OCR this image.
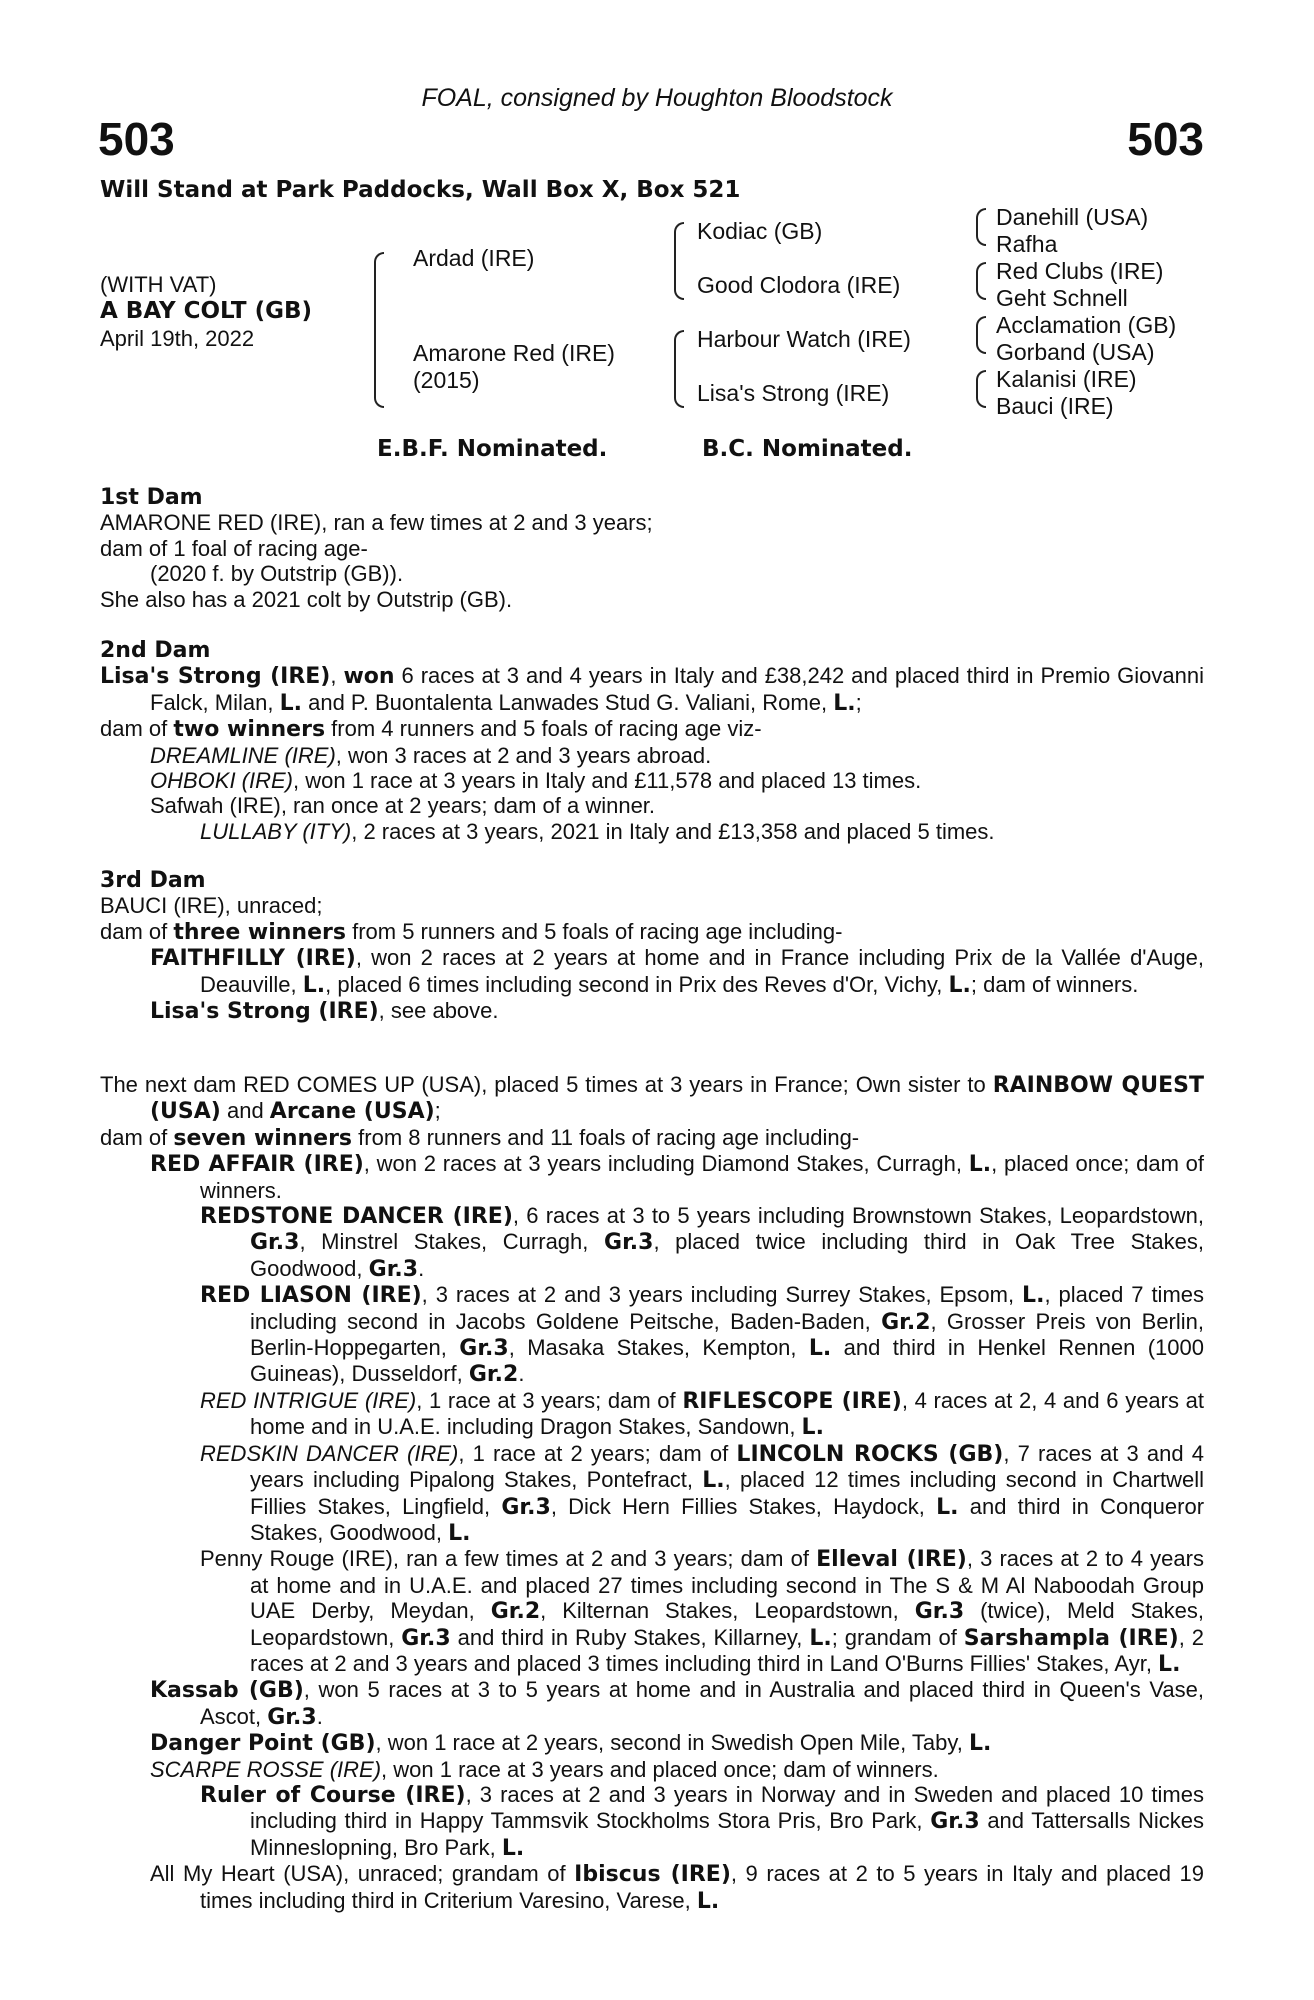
FOAL, consigned by Houghton Bloodstock
503	503
Will Stand at Park Paddocks, Wall Box X, Box 521
(WITH VAT)
A BAY COLT (GB)
April 19th, 2022
Ardad (IRE)
Amarone Red (IRE)
(2015)
Kodiac (GB)
Good Clodora (IRE)
Harbour Watch (IRE)
Lisa's Strong (IRE)
Danehill (USA)
Rafha
Red Clubs (IRE)
Geht Schnell
Acclamation (GB)
Gorband (USA)
Kalanisi (IRE)
Bauci (IRE)
E.B.F. Nominated.	B.C. Nominated.

1st Dam

AMARONE RED (IRE), ran a few times at 2 and 3 years;

dam of 1 foal of racing age-

(2020 f. by Outstrip (GB)).

She also has a 2021 colt by Outstrip (GB).

2nd Dam

Lisa's Strong (IRE), won 6 races at 3 and 4 years in Italy and £38,242 and placed third in Premio Giovanni Falck, Milan, L. and P. Buontalenta Lanwades Stud G. Valiani, Rome, L.;

dam of two winners from 4 runners and 5 foals of racing age viz-

DREAMLINE (IRE), won 3 races at 2 and 3 years abroad.

OHBOKI (IRE), won 1 race at 3 years in Italy and £11,578 and placed 13 times.

Safwah (IRE), ran once at 2 years; dam of a winner.

LULLABY (ITY), 2 races at 3 years, 2021 in Italy and £13,358 and placed 5 times.

3rd Dam

BAUCI (IRE), unraced;

dam of three winners from 5 runners and 5 foals of racing age including-

FAITHFILLY (IRE), won 2 races at 2 years at home and in France including Prix de la Vallée d'Auge, Deauville, L., placed 6 times including second in Prix des Reves d'Or, Vichy, L.; dam of winners.

Lisa's Strong (IRE), see above.

The next dam RED COMES UP (USA), placed 5 times at 3 years in France; Own sister to RAINBOW QUEST (USA) and Arcane (USA);

dam of seven winners from 8 runners and 11 foals of racing age including-

RED AFFAIR (IRE), won 2 races at 3 years including Diamond Stakes, Curragh, L., placed once; dam of winners.

REDSTONE DANCER (IRE), 6 races at 3 to 5 years including Brownstown Stakes, Leopardstown, Gr.3, Minstrel Stakes, Curragh, Gr.3, placed twice including third in Oak Tree Stakes, Goodwood, Gr.3.

RED LIASON (IRE), 3 races at 2 and 3 years including Surrey Stakes, Epsom, L., placed 7 times including second in Jacobs Goldene Peitsche, Baden-Baden, Gr.2, Grosser Preis von Berlin, Berlin-Hoppegarten, Gr.3, Masaka Stakes, Kempton, L. and third in Henkel Rennen (1000 Guineas), Dusseldorf, Gr.2.

RED INTRIGUE (IRE), 1 race at 3 years; dam of RIFLESCOPE (IRE), 4 races at 2, 4 and 6 years at home and in U.A.E. including Dragon Stakes, Sandown, L.

REDSKIN DANCER (IRE), 1 race at 2 years; dam of LINCOLN ROCKS (GB), 7 races at 3 and 4 years including Pipalong Stakes, Pontefract, L., placed 12 times including second in Chartwell Fillies Stakes, Lingfield, Gr.3, Dick Hern Fillies Stakes, Haydock, L. and third in Conqueror Stakes, Goodwood, L.

Penny Rouge (IRE), ran a few times at 2 and 3 years; dam of Elleval (IRE), 3 races at 2 to 4 years at home and in U.A.E. and placed 27 times including second in The S & M Al Naboodah Group UAE Derby, Meydan, Gr.2, Kilternan Stakes, Leopardstown, Gr.3 (twice), Meld Stakes, Leopardstown, Gr.3 and third in Ruby Stakes, Killarney, L.; grandam of Sarshampla (IRE), 2 races at 2 and 3 years and placed 3 times including third in Land O'Burns Fillies' Stakes, Ayr, L.

Kassab (GB), won 5 races at 3 to 5 years at home and in Australia and placed third in Queen's Vase, Ascot, Gr.3.

Danger Point (GB), won 1 race at 2 years, second in Swedish Open Mile, Taby, L.

SCARPE ROSSE (IRE), won 1 race at 3 years and placed once; dam of winners.

Ruler of Course (IRE), 3 races at 2 and 3 years in Norway and in Sweden and placed 10 times including third in Happy Tammsvik Stockholms Stora Pris, Bro Park, Gr.3 and Tattersalls Nickes Minneslopning, Bro Park, L.

All My Heart (USA), unraced; grandam of Ibiscus (IRE), 9 races at 2 to 5 years in Italy and placed 19 times including third in Criterium Varesino, Varese, L.
